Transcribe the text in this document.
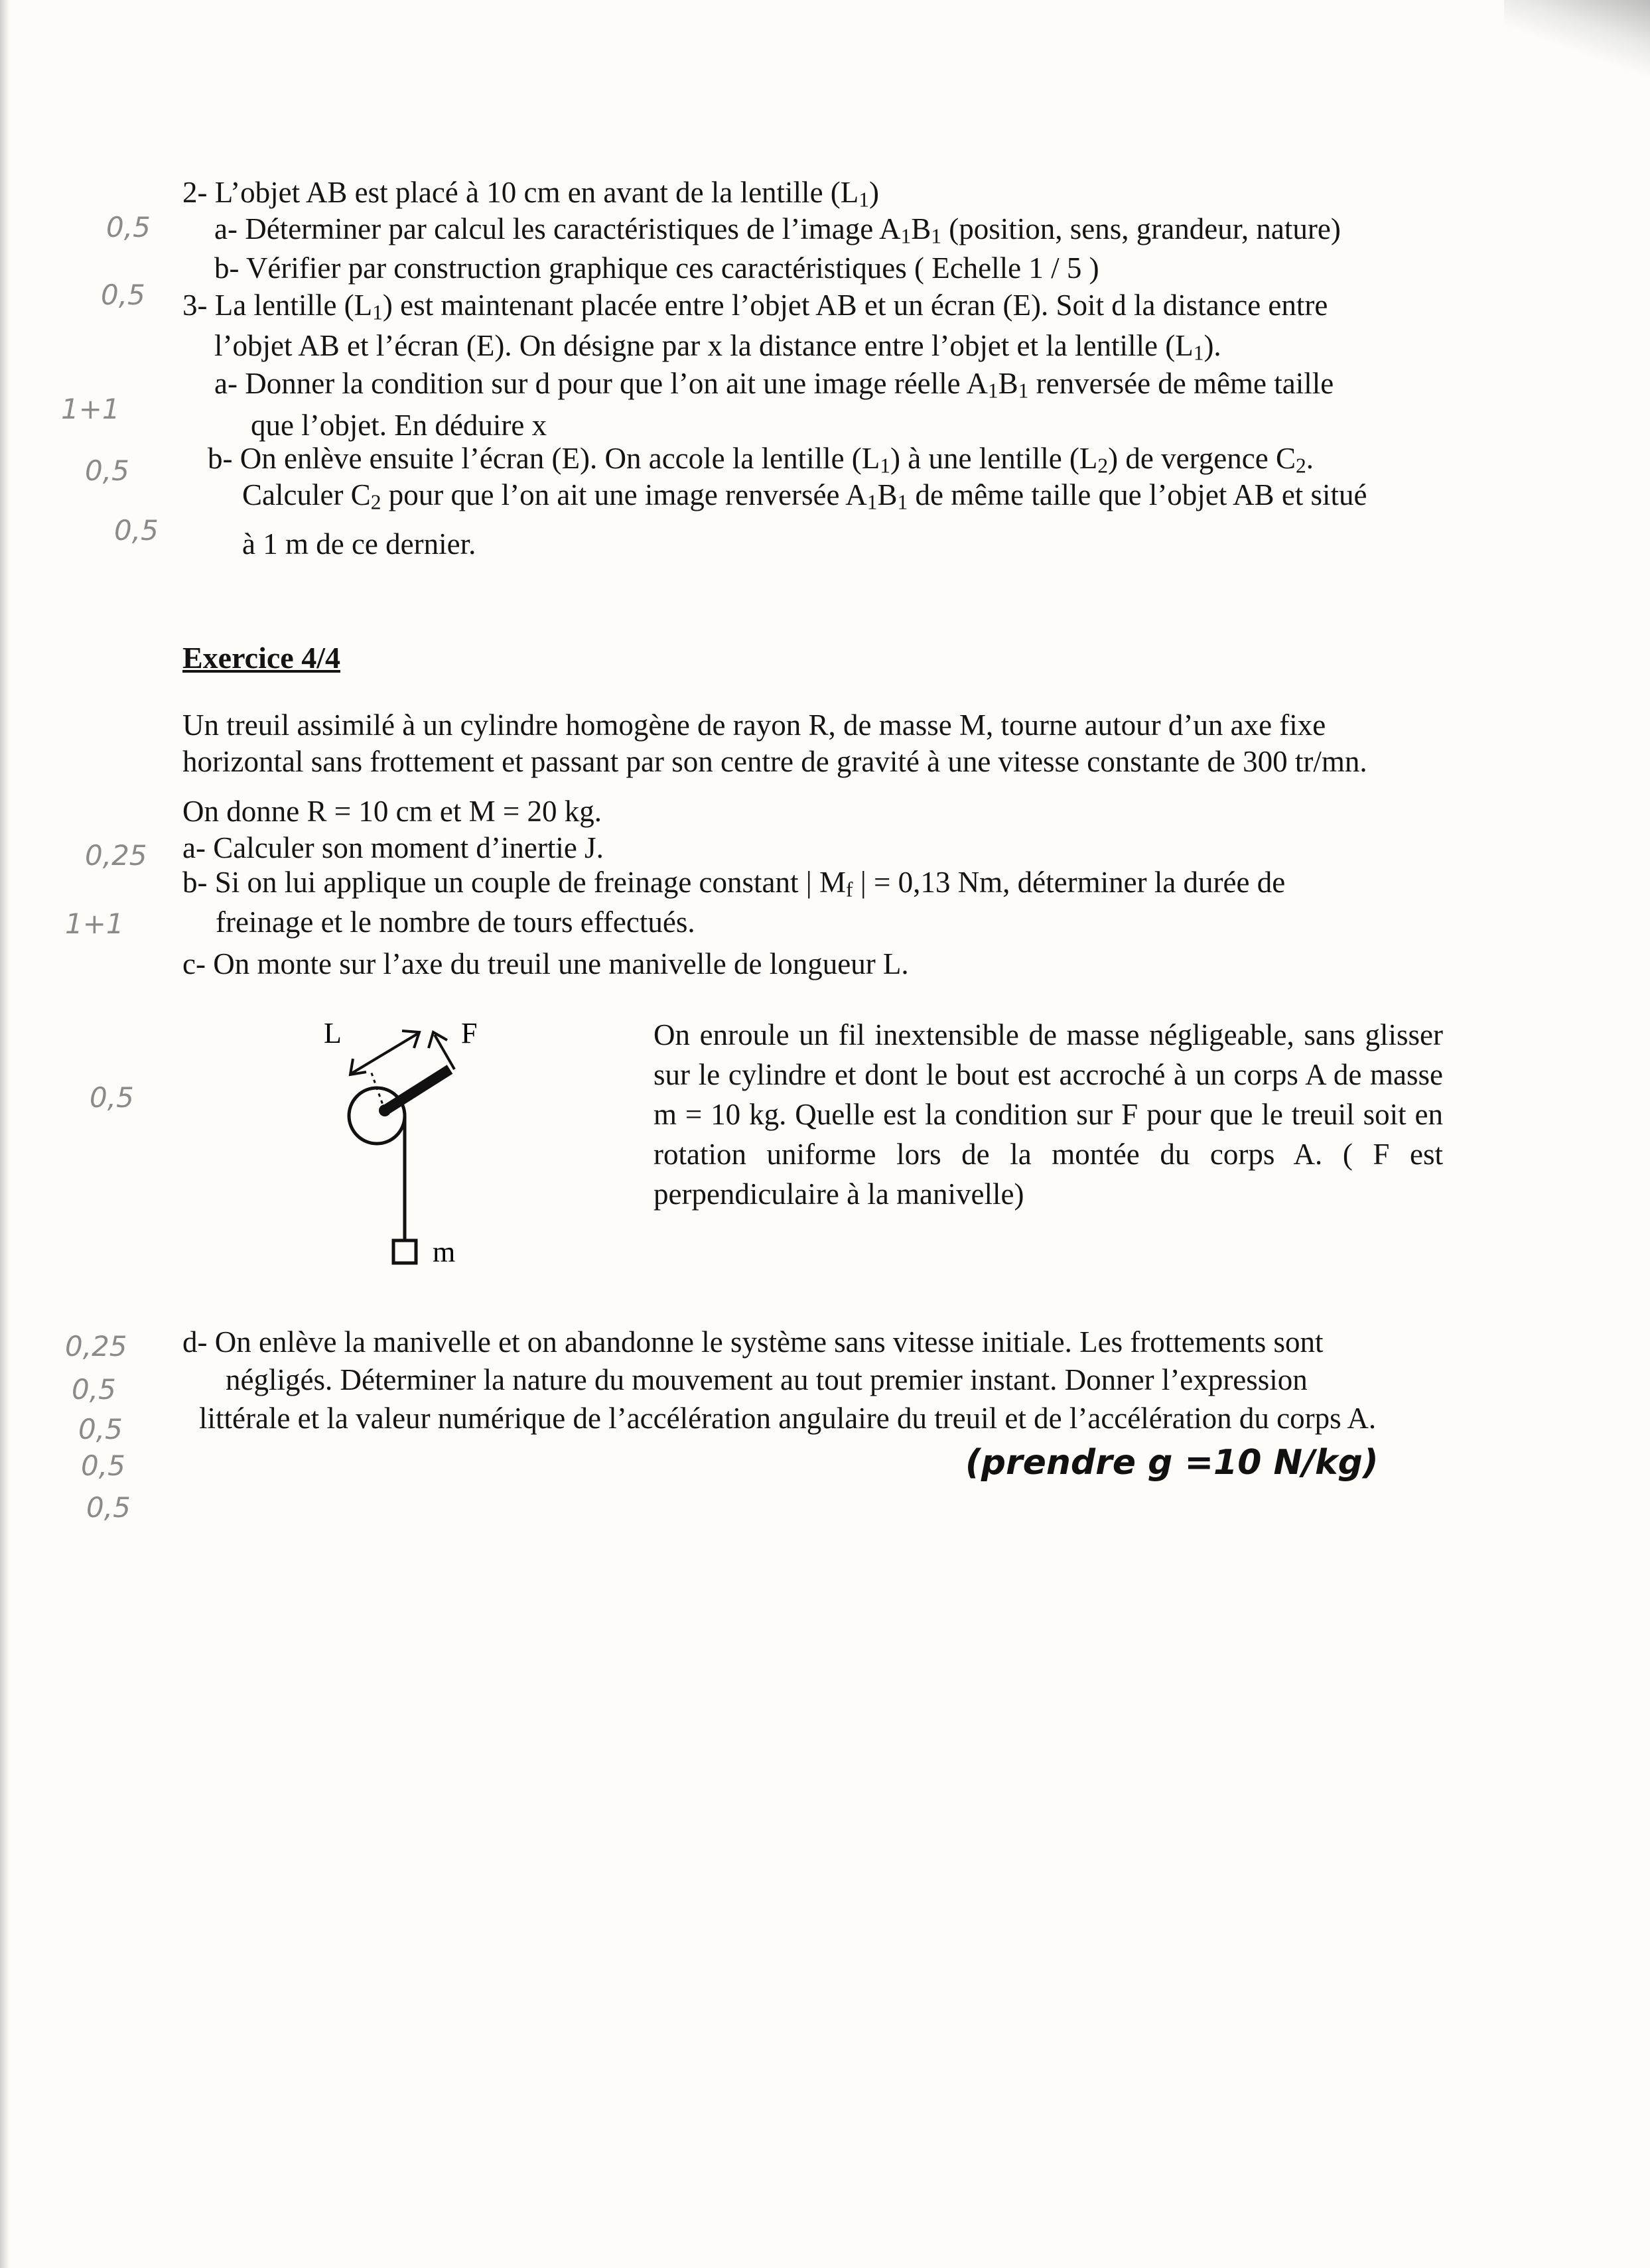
2- L’objet AB est placé à 10 cm en avant de la lentille $(L_1)$
a- Déterminer par calcul les caractéristiques de l’image $A_1B_1$ (position, sens, grandeur, nature)
b- Vérifier par construction graphique ces caractéristiques ( Echelle 1 / 5 )
3- La lentille $(L_1)$ est maintenant placée entre l’objet AB et un écran (E). Soit d la distance entre
l’objet AB et l’écran (E). On désigne par x la distance entre l’objet et la lentille $(L_1)$.
a- Donner la condition sur d pour que l’on ait une image réelle $A_1B_1$ renversée de même taille
que l’objet. En déduire x
b- On enlève ensuite l’écran (E). On accole la lentille $(L_1)$ à une lentille $(L_2)$ de vergence $C_2$.
Calculer $C_2$ pour que l’on ait une image renversée $A_1B_1$ de même taille que l’objet AB et situé
à 1 m de ce dernier.
Exercice 4/4
Un treuil assimilé à un cylindre homogène de rayon R, de masse M, tourne autour d’un axe fixe
horizontal sans frottement et passant par son centre de gravité à une vitesse constante de 300 tr/mn.
On donne R = 10 cm et M = 20 kg.
a- Calculer son moment d’inertie J.
b- Si on lui applique un couple de freinage constant | $M_f$ | = 0,13 Nm, déterminer la durée de
freinage et le nombre de tours effectués.
c- On monte sur l’axe du treuil une manivelle de longueur L.
L	F
m
On enroule un fil inextensible de masse négligeable, sans glisser sur le cylindre et dont le bout est accroché à un corps A de masse m = 10 kg. Quelle est la condition sur F pour que le treuil soit en rotation uniforme lors de la montée du corps A. ( F est perpendiculaire à la manivelle)
d- On enlève la manivelle et on abandonne le système sans vitesse initiale. Les frottements sont
négligés. Déterminer la nature du mouvement au tout premier instant. Donner l’expression
littérale et la valeur numérique de l’accélération angulaire du treuil et de l’accélération du corps A.
(prendre g =10 N/kg)
0,5
0,5
1+1
0,5
0,5
0,25
1+1
0,5
0,25
0,5
0,5
0,5
0,5
